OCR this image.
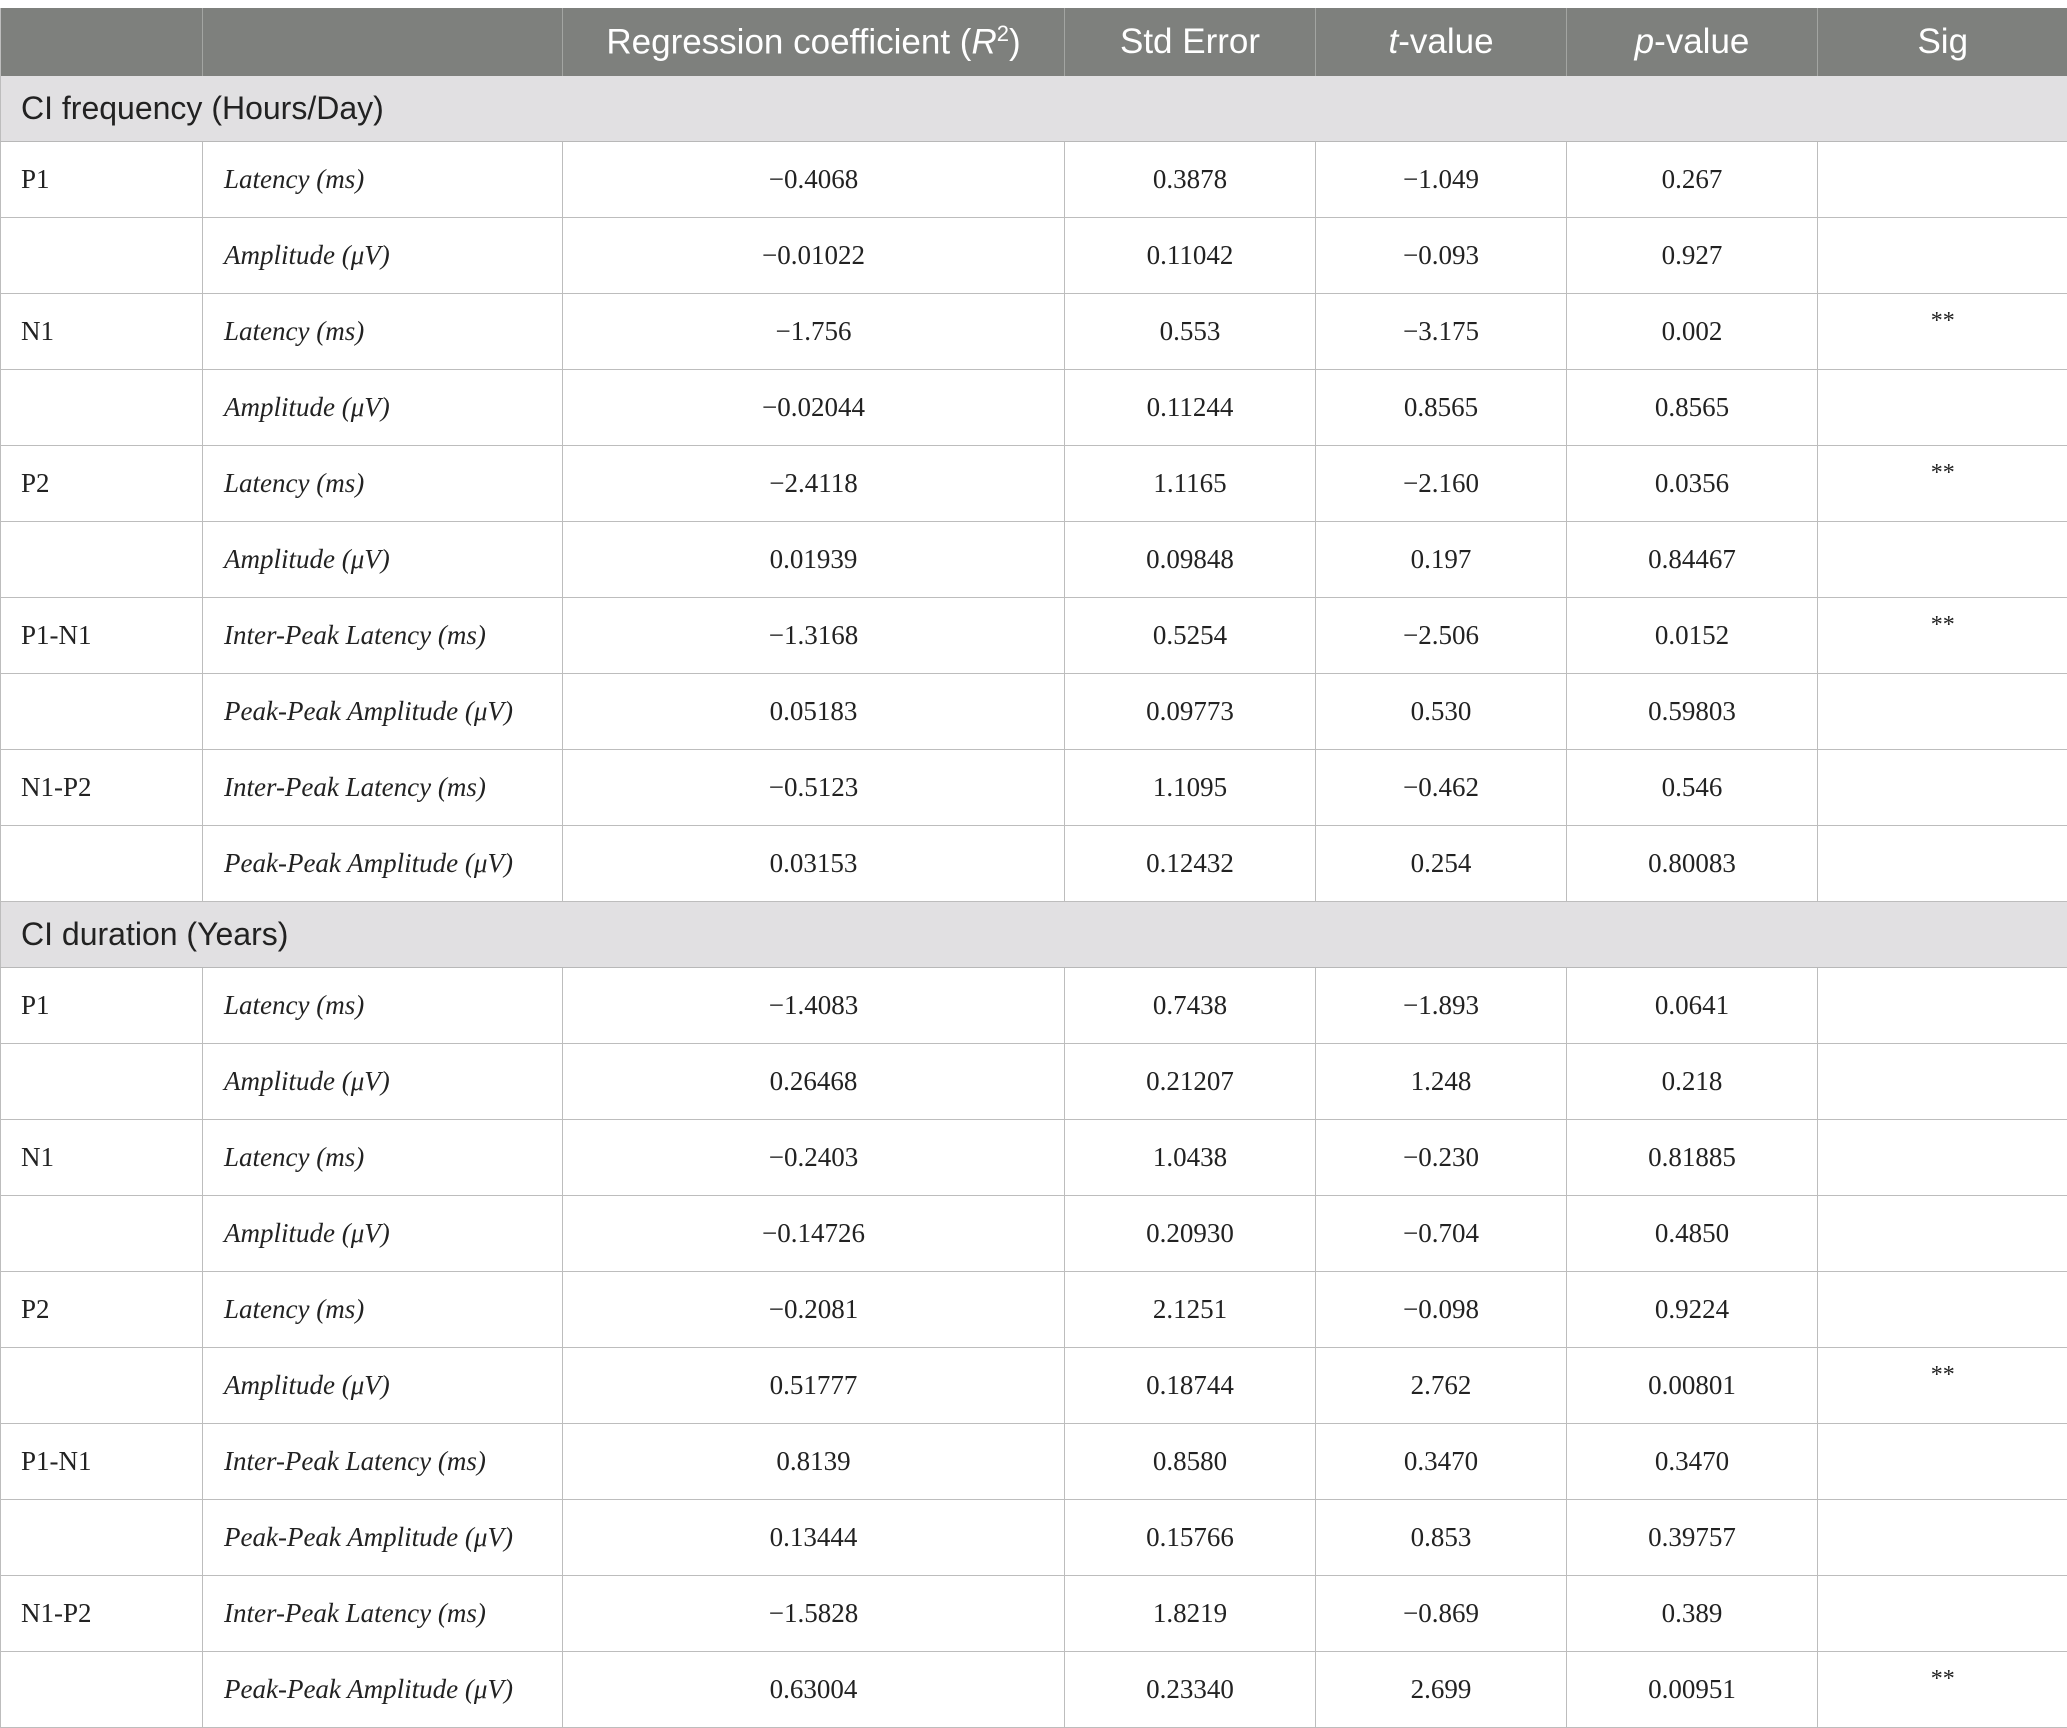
		Regression coefficient $(R^2)$	Std Error	t-value	p-value	Sig
CI frequency (Hours/Day)						
P1	Latency (ms)	−0.4068	0.3878	−1.049	0.267	
	Amplitude (μV)	−0.01022	0.11042	−0.093	0.927	
N1	Latency (ms)	−1.756	0.553	−3.175	0.002	**
	Amplitude (μV)	−0.02044	0.11244	0.8565	0.8565	
P2	Latency (ms)	−2.4118	1.1165	−2.160	0.0356	**
	Amplitude (μV)	0.01939	0.09848	0.197	0.84467	
P1-N1	Inter-Peak Latency (ms)	−1.3168	0.5254	−2.506	0.0152	**
	Peak-Peak Amplitude (μV)	0.05183	0.09773	0.530	0.59803	
N1-P2	Inter-Peak Latency (ms)	−0.5123	1.1095	−0.462	0.546	
	Peak-Peak Amplitude (μV)	0.03153	0.12432	0.254	0.80083	
CI duration (Years)						
P1	Latency (ms)	−1.4083	0.7438	−1.893	0.0641	
	Amplitude (μV)	0.26468	0.21207	1.248	0.218	
N1	Latency (ms)	−0.2403	1.0438	−0.230	0.81885	
	Amplitude (μV)	−0.14726	0.20930	−0.704	0.4850	
P2	Latency (ms)	−0.2081	2.1251	−0.098	0.9224	
	Amplitude (μV)	0.51777	0.18744	2.762	0.00801	**
P1-N1	Inter-Peak Latency (ms)	0.8139	0.8580	0.3470	0.3470	
	Peak-Peak Amplitude (μV)	0.13444	0.15766	0.853	0.39757	
N1-P2	Inter-Peak Latency (ms)	−1.5828	1.8219	−0.869	0.389	
	Peak-Peak Amplitude (μV)	0.63004	0.23340	2.699	0.00951	**
